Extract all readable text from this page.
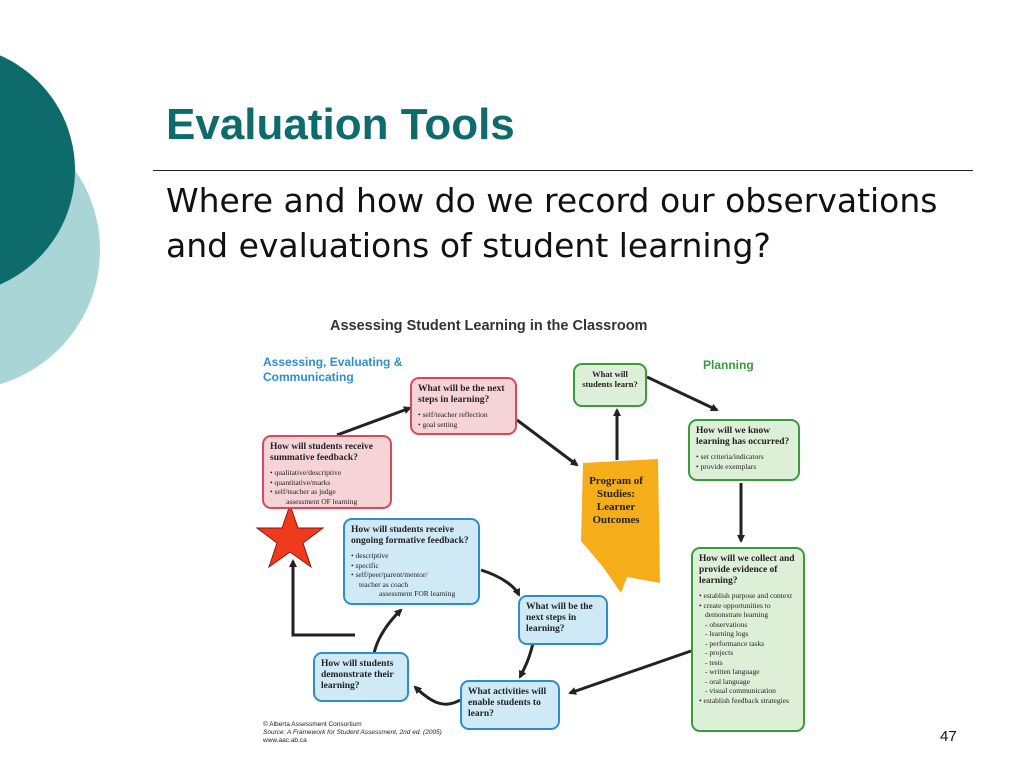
Evaluation Tools

Where and how do we record our observations and evaluations of student learning?

Assessing Student Learning in the Classroom
Assessing, Evaluating & Communicating
Planning

What will students learn?

What will be the next steps in learning?

• self/teacher reflection
• goal setting

How will students receive summative feedback?

• qualitative/descriptive
• quantitative/marks
• self/teacher as judge
assessment OF learning

How will we know learning has occurred?

• set criteria/indicators
• provide exemplars

How will students receive ongoing formative feedback?

• descriptive
• specific
• self/peer/parent/mentor/
teacher as coach
assessment FOR learning

What will be the next steps in learning?

How will we collect and provide evidence of learning?

• establish purpose and context
• create opportunities to
demonstrate learning
- observations
- learning logs
- performance tasks
- projects
- tests
- written language
- oral language
- visual communication
• establish feedback strategies

How will students demonstrate their learning?

What activities will enable students to learn?

Program of Studies: Learner Outcomes
© Alberta Assessment Consortium
Source: A Framework for Student Assessment, 2nd ed. (2005)
www.aac.ab.ca	47
